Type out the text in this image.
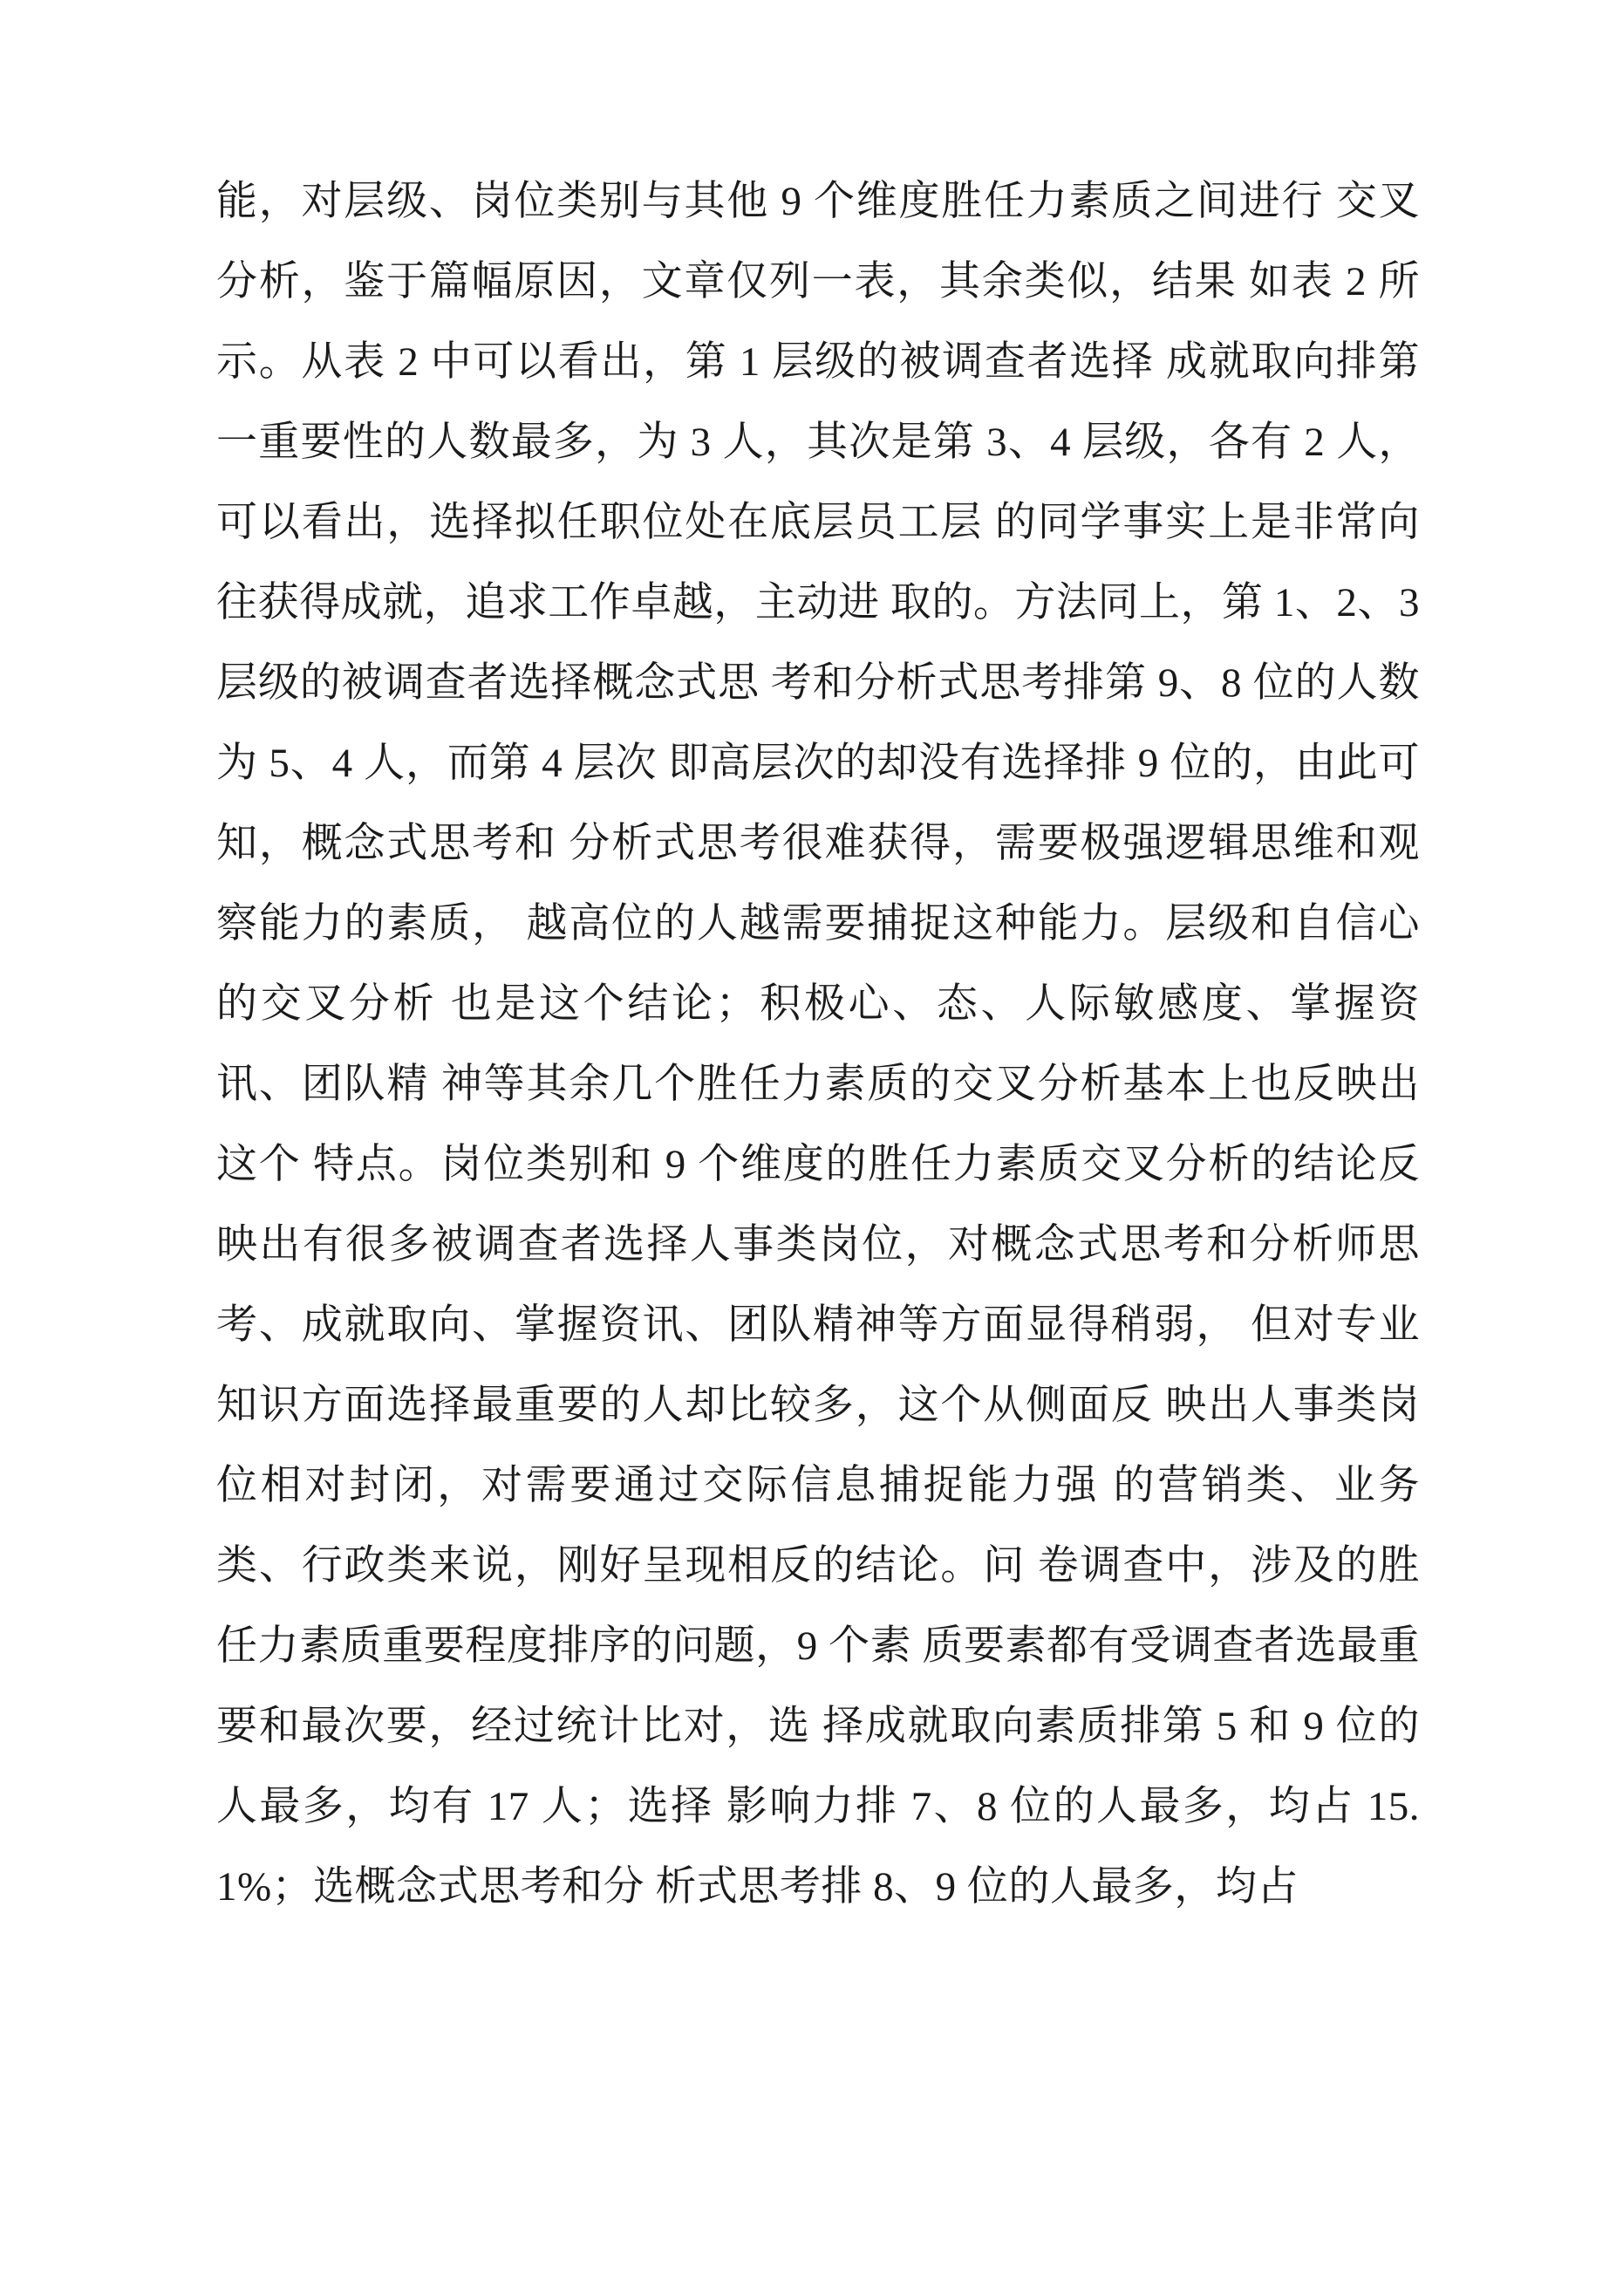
能，对层级、岗位类别与其他 9 个维度胜任力素质之间进行 交叉分析，鉴于篇幅原因，文章仅列一表，其余类似，结果 如表 2 所示。从表 2 中可以看出，第 1 层级的被调查者选择 成就取向排第一重要性的人数最多，为 3 人，其次是第 3、4 层级，各有 2 人，可以看出，选择拟任职位处在底层员工层 的同学事实上是非常向往获得成就，追求工作卓越，主动进 取的。方法同上，第 1、2、3 层级的被调查者选择概念式思 考和分析式思考排第 9、8 位的人数为 5、4 人，而第 4 层次 即高层次的却没有选择排 9 位的，由此可知，概念式思考和 分析式思考很难获得，需要极强逻辑思维和观察能力的素质， 越高位的人越需要捕捉这种能力。层级和自信心的交叉分析 也是这个结论；积极心、态、人际敏感度、掌握资讯、团队精 神等其余几个胜任力素质的交叉分析基本上也反映出这个 特点。岗位类别和 9 个维度的胜任力素质交叉分析的结论反 映出有很多被调查者选择人事类岗位，对概念式思考和分析师思考、成就取向、掌握资讯、团队精神等方面显得稍弱， 但对专业知识方面选择最重要的人却比较多，这个从侧面反 映出人事类岗位相对封闭，对需要通过交际信息捕捉能力强 的营销类、业务类、行政类来说，刚好呈现相反的结论。问 卷调查中，涉及的胜任力素质重要程度排序的问题，9 个素 质要素都有受调查者选最重要和最次要，经过统计比对，选 择成就取向素质排第 5 和 9 位的人最多，均有 17 人；选择 影响力排 7、8 位的人最多，均占 15.1%；选概念式思考和分 析式思考排 8、9 位的人最多，均占
